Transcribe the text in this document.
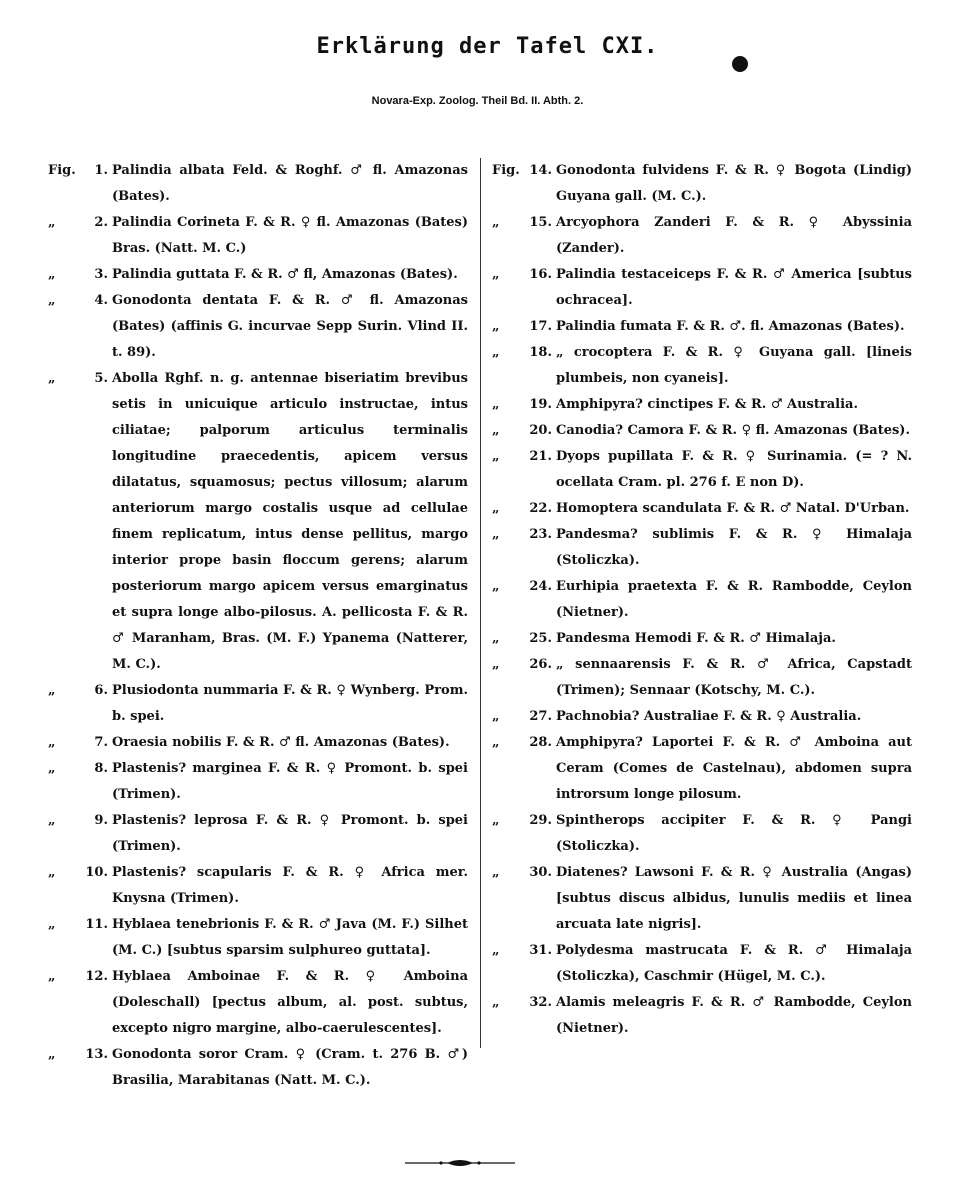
Erklärung der Tafel CXI.
Novara-Exp. Zoolog. Theil Bd. II. Abth. 2.
Fig. 1. Palindia albata Feld. & Roghf. ♂ fl. Amazonas (Bates).
„	2. Palindia Corineta F. & R. ♀ fl. Amazonas (Bates) Bras. (Natt. M. C.)
„	3. Palindia guttata F. & R. ♂ fl, Amazonas (Bates).
„	4. Gonodonta dentata F. & R. ♂ fl. Amazonas (Bates) (affinis G. incurvae Sepp Surin. Vlind II. t. 89).
„	5. Abolla Rghf. n. g. antennae biseriatim brevibus setis in unicuique articulo instructae, intus ciliatae; palporum articulus terminalis longitudine praecedentis, apicem versus dilatatus, squamosus; pectus villosum; alarum anteriorum margo costalis usque ad cellulae finem replicatum, intus dense pellitus, margo interior prope basin floccum gerens; alarum posteriorum margo apicem versus emarginatus et supra longe albo-pilosus. A. pellicosta F. & R. ♂ Maranham, Bras. (M. F.) Ypanema (Natterer, M. C.).
„	6. Plusiodonta nummaria F. & R. ♀ Wynberg. Prom. b. spei.
„	7. Oraesia nobilis F. & R. ♂ fl. Amazonas (Bates).
„	8. Plastenis? marginea F. & R. ♀ Promont. b. spei (Trimen).
„	9. Plastenis? leprosa F. & R. ♀ Promont. b. spei (Trimen).
„ 10. Plastenis? scapularis F. & R. ♀ Africa mer. Knysna (Trimen).
„ 11. Hyblaea tenebrionis F. & R. ♂ Java (M. F.) Silhet (M. C.) [subtus sparsim sulphureo guttata].
„ 12. Hyblaea Amboinae F. & R. ♀ Amboina (Doleschall) [pectus album, al. post. subtus, excepto nigro margine, albo-caerulescentes].
„ 13. Gonodonta soror Cram. ♀ (Cram. t. 276 B. ♂) Brasilia, Marabitanas (Natt. M. C.).
Fig. 14. Gonodonta fulvidens F. & R. ♀ Bogota (Lindig) Guyana gall. (M. C.).
„ 15. Arcyophora Zanderi F. & R. ♀ Abyssinia (Zander).
„ 16. Palindia testaceiceps F. & R. ♂ America [subtus ochracea].
„ 17. Palindia fumata F. & R. ♂. fl. Amazonas (Bates).
„ 18. „ crocoptera F. & R. ♀ Guyana gall. [lineis plumbeis, non cyaneis].
„ 19. Amphipyra? cinctipes F. & R. ♂ Australia.
„ 20. Canodia? Camora F. & R. ♀ fl. Amazonas (Bates).
„ 21. Dyops pupillata F. & R. ♀ Surinamia. (= ? N. ocellata Cram. pl. 276 f. E non D).
„ 22. Homoptera scandulata F. & R. ♂ Natal. D'Urban.
„ 23. Pandesma? sublimis F. & R. ♀ Himalaja (Stoliczka).
„ 24. Eurhipia praetexta F. & R. Rambodde, Ceylon (Nietner).
„ 25. Pandesma Hemodi F. & R. ♂ Himalaja.
„ 26. „ sennaarensis F. & R. ♂ Africa, Capstadt (Trimen); Sennaar (Kotschy, M. C.).
„ 27. Pachnobia? Australiae F. & R. ♀ Australia.
„ 28. Amphipyra? Laportei F. & R. ♂ Amboina aut Ceram (Comes de Castelnau), abdomen supra introrsum longe pilosum.
„ 29. Spintherops accipiter F. & R. ♀ Pangi (Stoliczka).
„ 30. Diatenes? Lawsoni F. & R. ♀ Australia (Angas) [subtus discus albidus, lunulis mediis et linea arcuata late nigris].
„ 31. Polydesma mastrucata F. & R. ♂ Himalaja (Stoliczka), Caschmir (Hügel, M. C.).
„ 32. Alamis meleagris F. & R. ♂ Rambodde, Ceylon (Nietner).
